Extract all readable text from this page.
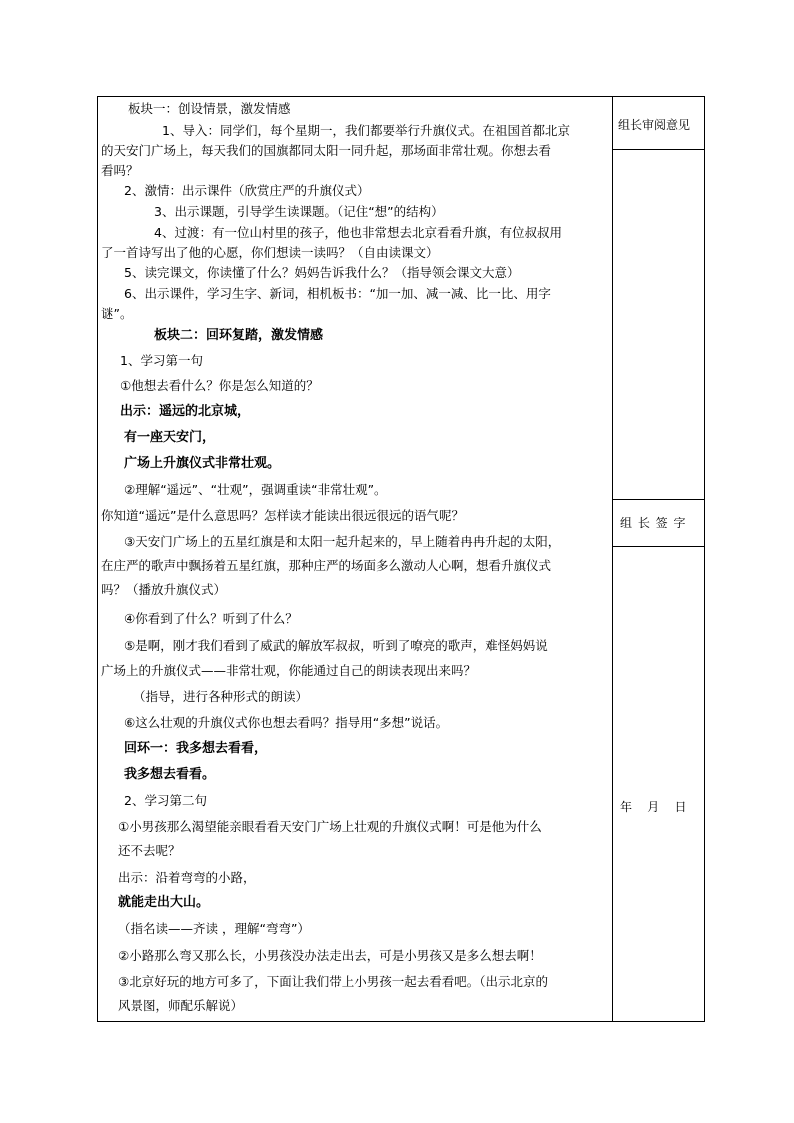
组长审阅意见
组 长 签 字
年    月    日
板块一：创设情景，激发情感
1、导入：同学们，每个星期一，我们都要举行升旗仪式。在祖国首都北京
的天安门广场上，每天我们的国旗都同太阳一同升起，那场面非常壮观。你想去看
看吗？
2、激情：出示课件（欣赏庄严的升旗仪式）
3、出示课题，引导学生读课题。（记住“想”的结构）
4、过渡：有一位山村里的孩子，他也非常想去北京看看升旗，有位叔叔用
了一首诗写出了他的心愿，你们想读一读吗？（自由读课文）
5、读完课文，你读懂了什么？妈妈告诉我什么？（指导领会课文大意）
6、出示课件，学习生字、新词，相机板书：“加一加、减一减、比一比、用字
谜”。
板块二：回环复踏，激发情感
1、学习第一句
①他想去看什么？你是怎么知道的？
出示：遥远的北京城，
有一座天安门，
广场上升旗仪式非常壮观。
②理解“遥远”、“壮观”，强调重读“非常壮观”。
你知道“遥远”是什么意思吗？怎样读才能读出很远很远的语气呢？
③天安门广场上的五星红旗是和太阳一起升起来的，早上随着冉冉升起的太阳，
在庄严的歌声中飘扬着五星红旗，那种庄严的场面多么激动人心啊，想看升旗仪式
吗？（播放升旗仪式）
④你看到了什么？听到了什么？
⑤是啊，刚才我们看到了威武的解放军叔叔，听到了嘹亮的歌声，难怪妈妈说
广场上的升旗仪式——非常壮观，你能通过自己的朗读表现出来吗？
（指导，进行各种形式的朗读）
⑥这么壮观的升旗仪式你也想去看吗？指导用“多想”说话。
回环一：我多想去看看，
我多想去看看。
2、学习第二句
①小男孩那么渴望能亲眼看看天安门广场上壮观的升旗仪式啊！可是他为什么
还不去呢？
出示：沿着弯弯的小路，
就能走出大山。
（指名读——齐读 ，理解“弯弯”）
②小路那么弯又那么长，小男孩没办法走出去，可是小男孩又是多么想去啊！
③北京好玩的地方可多了，下面让我们带上小男孩一起去看看吧。（出示北京的
风景图，师配乐解说）
